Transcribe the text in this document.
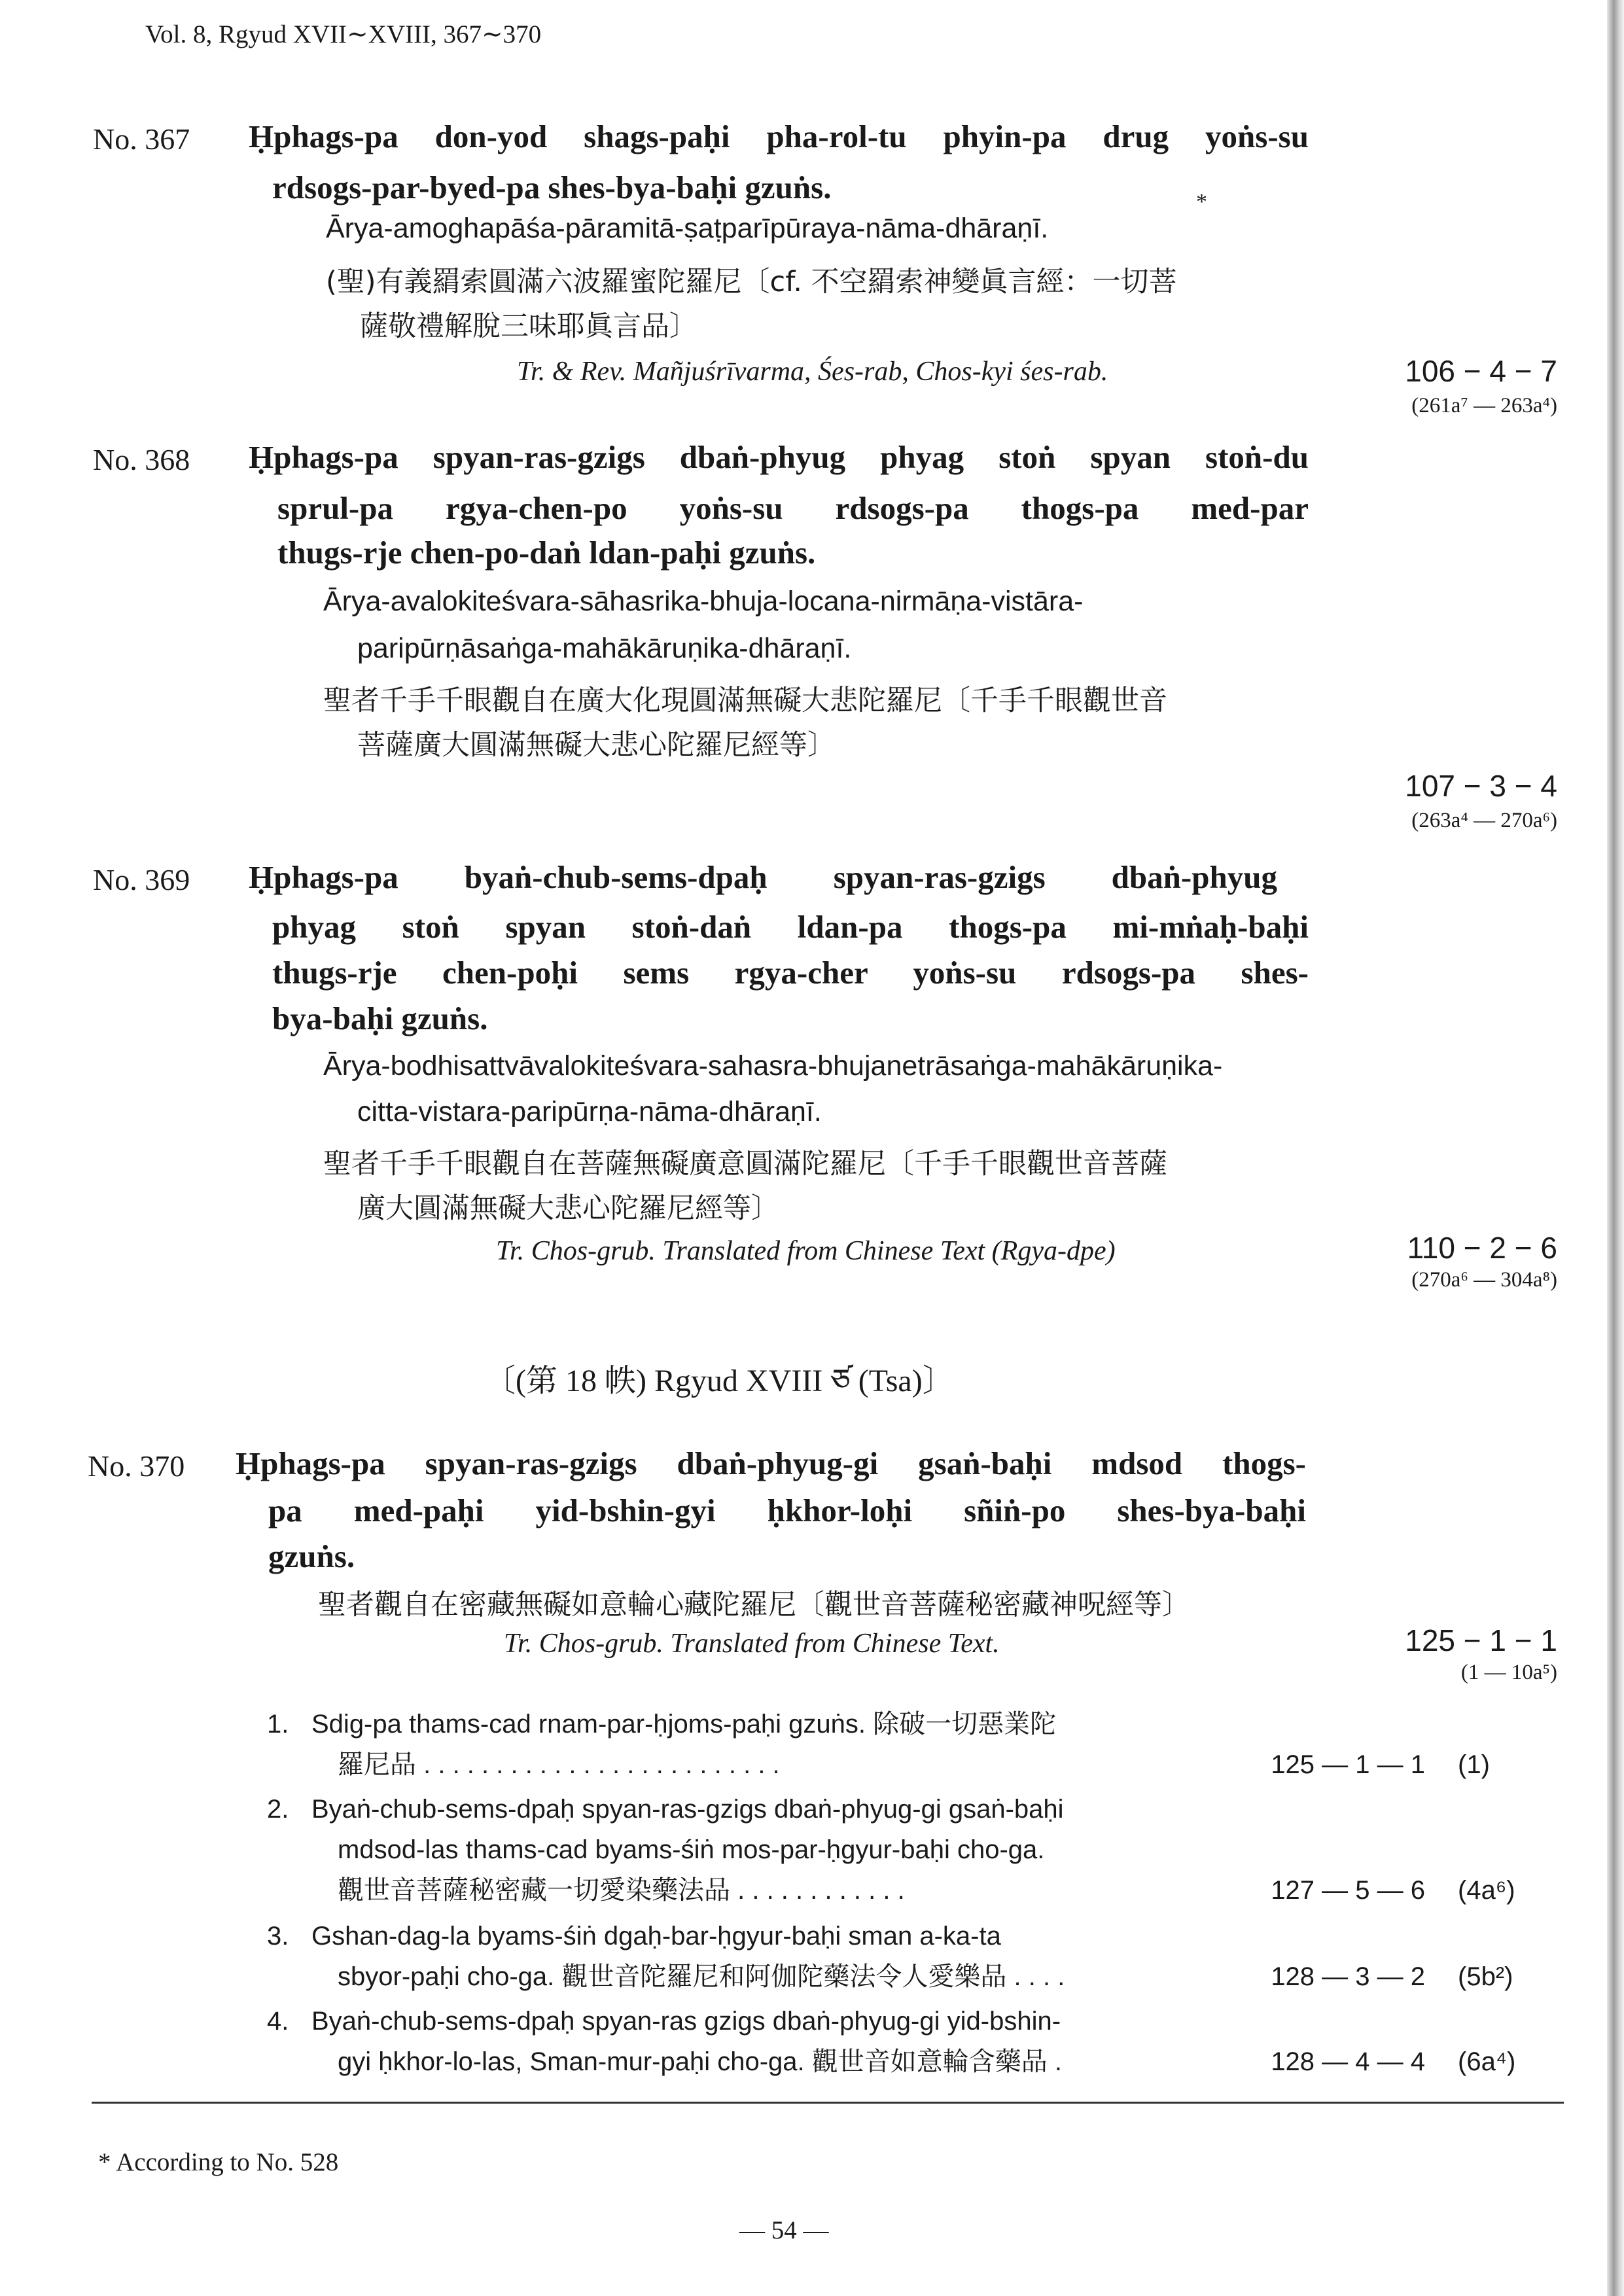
Vol. 8, Rgyud XVII∼XVIII, 367∼370
No. 367 Ḥphags-pa don-yod shags-paḥi pha-rol-tu phyin-pa drug yoṅs-su
rdsogs-par-byed-pa shes-bya-baḥi gzuṅs.	*
Ārya-amoghapāśa-pāramitā-ṣaṭparīpūraya-nāma-dhāraṇī.
(聖)有義羂索圓滿六波羅蜜陀羅尼〔cf. 不空羂索神變眞言經：一切菩
薩敬禮解脫三味耶眞言品〕
Tr. & Rev. Mañjuśrīvarma, Śes-rab, Chos-kyi śes-rab.	106 − 4 − 7
(261a⁷ — 263a⁴)
No. 368 Ḥphags-pa spyan-ras-gzigs dbaṅ-phyug phyag stoṅ spyan stoṅ-du
sprul-pa rgya-chen-po yoṅs-su rdsogs-pa thogs-pa med-par
thugs-rje chen-po-daṅ ldan-paḥi gzuṅs.
Ārya-avalokiteśvara-sāhasrika-bhuja-locana-nirmāṇa-vistāra-
paripūrṇāsaṅga-mahākāruṇika-dhāraṇī.
聖者千手千眼觀自在廣大化現圓滿無礙大悲陀羅尼〔千手千眼觀世音
菩薩廣大圓滿無礙大悲心陀羅尼經等〕
107 − 3 − 4
(263a⁴ — 270a⁶)
No. 369 Ḥphags-pa byaṅ-chub-sems-dpaḥ spyan-ras-gzigs dbaṅ-phyug
phyag stoṅ spyan stoṅ-daṅ ldan-pa thogs-pa mi-mṅaḥ-baḥi
thugs-rje chen-poḥi sems rgya-cher yoṅs-su rdsogs-pa shes-
bya-baḥi gzuṅs.
Ārya-bodhisattvāvalokiteśvara-sahasra-bhujanetrāsaṅga-mahākāruṇika-
citta-vistara-paripūrṇa-nāma-dhāraṇī.
聖者千手千眼觀自在菩薩無礙廣意圓滿陀羅尼〔千手千眼觀世音菩薩
廣大圓滿無礙大悲心陀羅尼經等〕
Tr. Chos-grub. Translated from Chinese Text (Rgya-dpe)	110 − 2 − 6
(270a⁶ — 304a⁸)
〔(第 18 帙) Rgyud XVIII ཙ (Tsa)〕
No. 370 Ḥphags-pa spyan-ras-gzigs dbaṅ-phyug-gi gsaṅ-baḥi mdsod thogs-
pa med-paḥi yid-bshin-gyi ḥkhor-loḥi sñiṅ-po shes-bya-baḥi
gzuṅs.
聖者觀自在密藏無礙如意輪心藏陀羅尼〔觀世音菩薩秘密藏神呪經等〕
Tr. Chos-grub. Translated from Chinese Text.	125 − 1 − 1
(1 — 10a⁵)
1. Sdig-pa thams-cad rnam-par-ḥjoms-paḥi gzuṅs. 除破一切惡業陀
羅尼品 . . . . . . . . . . . . . . . . . . . . . . . . .	125 — 1 — 1 (1)
2. Byaṅ-chub-sems-dpaḥ spyan-ras-gzigs dbaṅ-phyug-gi gsaṅ-baḥi
mdsod-las thams-cad byams-śiṅ mos-par-ḥgyur-baḥi cho-ga.
觀世音菩薩秘密藏一切愛染藥法品 . . . . . . . . . . . .	127 — 5 — 6 (4a⁶)
3. Gshan-dag-la byams-śiṅ dgaḥ-bar-ḥgyur-baḥi sman a-ka-ta
sbyor-paḥi cho-ga. 觀世音陀羅尼和阿伽陀藥法令人愛樂品 . . . .	128 — 3 — 2 (5b²)
4. Byaṅ-chub-sems-dpaḥ spyan-ras gzigs dbaṅ-phyug-gi yid-bshin-
gyi ḥkhor-lo-las, Sman-mur-paḥi cho-ga. 觀世音如意輪含藥品 .	128 — 4 — 4 (6a⁴)
* According to No. 528
— 54 —
